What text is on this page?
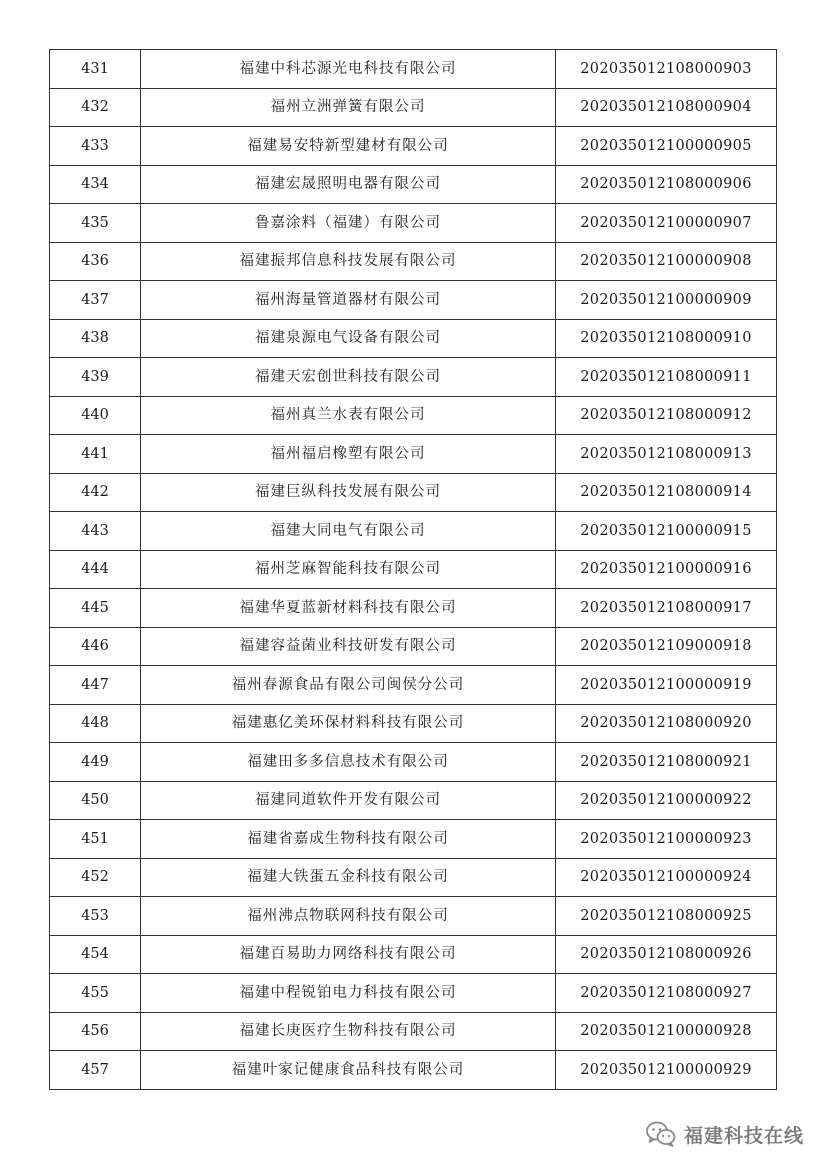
431	福建中科芯源光电科技有限公司	202035012108000903
432	福州立洲弹簧有限公司	202035012108000904
433	福建易安特新型建材有限公司	202035012100000905
434	福建宏晟照明电器有限公司	202035012108000906
435	鲁嘉涂料（福建）有限公司	202035012100000907
436	福建振邦信息科技发展有限公司	202035012100000908
437	福州海量管道器材有限公司	202035012100000909
438	福建泉源电气设备有限公司	202035012108000910
439	福建天宏创世科技有限公司	202035012108000911
440	福州真兰水表有限公司	202035012108000912
441	福州福启橡塑有限公司	202035012108000913
442	福建巨纵科技发展有限公司	202035012108000914
443	福建大同电气有限公司	202035012100000915
444	福州芝麻智能科技有限公司	202035012100000916
445	福建华夏蓝新材料科技有限公司	202035012108000917
446	福建容益菌业科技研发有限公司	202035012109000918
447	福州春源食品有限公司闽侯分公司	202035012100000919
448	福建惠亿美环保材料科技有限公司	202035012108000920
449	福建田多多信息技术有限公司	202035012108000921
450	福建同道软件开发有限公司	202035012100000922
451	福建省嘉成生物科技有限公司	202035012100000923
452	福建大铁蛋五金科技有限公司	202035012100000924
453	福州沸点物联网科技有限公司	202035012108000925
454	福建百易助力网络科技有限公司	202035012108000926
455	福建中程锐铂电力科技有限公司	202035012108000927
456	福建长庚医疗生物科技有限公司	202035012100000928
457	福建叶家记健康食品科技有限公司	202035012100000929
福建科技在线
